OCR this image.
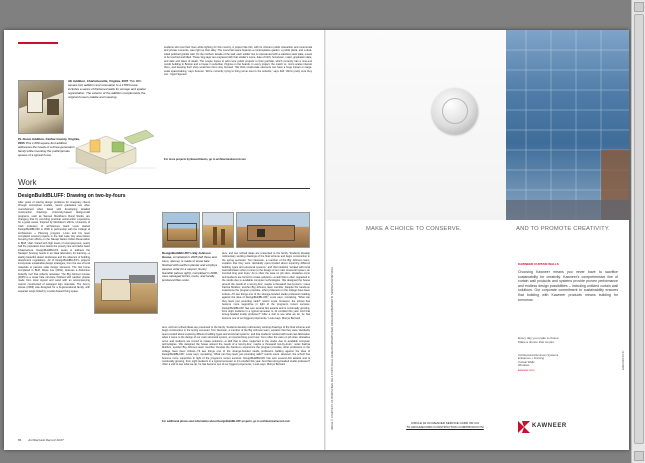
AE Addition, Charlottesville, Virginia, 2007 This 900-square-foot addition and renovation to a 1760 house includes a series of thickened walls for storage and spatial organization. The exterior of the addition complements the original house's palette and massing.
PL Room Addition, Fairfax County, Virginia, 2005 This 1,000-square-foot addition addresses the needs of a three-generation family while inventing the public/private spaces of a typical home.
students who lost their lives while fighting for this country. A project like this, with its inherent public interaction and ceremonial and private moments, was right up their alley. The memorial space features a contemplative garden, a public plaza, and a dual-sided polished granite wall. On the northern facade of the wall, each soldier lost is represented with a stainless steel plate, meant to be touched and lifted. These 'dog tags' are engraved with that soldier's name, date of birth, hometown, major, graduation date, and date and place of death. The couple hopes to add more public projects to their portfolio, which currently has a nine-unit condo building in Boston and a house in suburban Virginia on the boards. In every project, the match vs. micro scales interest them, and keeping their shop small lets them stay focused. 'We think small-scale elements can have a huge impact on large-scale spacemaking,' says Koerner. 'We're currently trying to bring some soul to the suburbs,' says Zell. 'We're pretty sure they can.' Ingrid Spencer
For more projects by Basarchitects, go to architecturalrecord.com
Work
DesignBuildBLUFF: Drawing on two-by-fours
After years of solving design problems for imaginary clients through conceptual models, recent graduates are often overwhelmed when faced with developing detailed construction drawings. University-based design-build programs, such as Samuel Mockbee's Rural Studio, are changing that by providing practical construction experience for a great cause. Inspired by Mockbee's efforts, University of Utah professor of architecture Hank Louis started DesignBuildBLUFF in 2000 in partnership with the College of Architecture + Planning program. Louis and his team completed several projects in the Salt Lake City area before focusing their efforts on the Navajo Nation Indian Reservation in Bluff, Utah. Faced with high levels of unemployment, nearly half the population lives below the poverty line and lacks basic infrastructure. DesignBuildBLUFF seeks to address the Navajos' housing needs in an ideal laboratory for learning—a starkly beautiful desert landscape and the absence of building department regulations. All of DesignBuildBLUFF's projects incorporate sustainable design strategies, from the use of local materials to passive solar design elements. The first home completed in Bluff, Rosie Joe (2004), features a distinctive butterfly roof that collects rainwater. The Big Johnson House (2005) is a straw bale structure finished with earthen plaster made from local topsoil and sand with an accompanying carport constructed of salvaged sign materials. The Sunny House (2006) was designed for a bi-generational family, with separate wings linked by a solar-heated living space.
DesignBuildBLUFF's Big Johnson House, completed in 2005 (left three and tours, above), is made of straw bale finished with earthen plaster and employs passive solar for a carport. Sonny Gamblin (above right), completed in 2006, uses salvaged bricks, rocks, and locally produced fiber-crete.
tiers, and two refined ideas are presented to the family. Students develop rudimentary working drawings of the final scheme and begin construction in the spring semester. Tom Newman, a member of the Big Johnson team, explains that they were 'decidedly open-minded about exploring different building types and structural systems,' and that students 'worked with local cast fabrication when it came to the design of our main structural system, an inverted king post truss.' As is often the case on job sites, obstacles occur and students are forced to create solutions—a skill that is often neglected in the studio due to available computer technologies. 'We designed the house around the needs of a two-by-four; maybe a thousand two-by-fours,' notes Katrina Mukbox, another Big Johnson team member. Despite the hands-on experience the program provides, other professors in the college have been critical—'I'll see things one of the strange-hooded studio professors battling against the idea of DesignBuildBLUFF,' Louis says, remarking, 'What can they learn just pounding nails?' retorts Louis. However, the school has become more supportive in light of the program's recent success: DesignBuildBLUFF has won several AIA awards and is continually growing, from eight students in a typical semester to 14 enrolled this year. And that strong-headed studio professor? 'After a visit to see what we do, he has become one of our biggest proponents,' Louis says. Murrye Bernard
tiers, and two refined ideas are presented to the family. Students develop rudimentary working drawings of the final scheme and begin construction in the spring semester. Tom Newman, a member of the Big Johnson team, explains that they were 'decidedly open-minded about exploring different building types and structural systems,' and that students 'worked with local cast fabrication when it came to the design of our main structural system, an inverted king post truss.' As is often the case on job sites, obstacles occur and students are forced to create solutions—a skill that is often neglected in the studio due to available computer technologies. 'We designed the house around the needs of a two-by-four; maybe a thousand two-by-fours,' notes Katrina Mukbox, another Big Johnson team member. Despite the hands-on experience the program provides, other professors in the college have been critical—'I'll see things one of the strange-hooded studio professors battling against the idea of DesignBuildBLUFF,' Louis says, remarking, 'What can they learn just pounding nails?' retorts Louis. However, the school has become more supportive in light of the program's recent success: DesignBuildBLUFF has won several AIA awards and is continually growing, from eight students in a typical semester to 14 enrolled this year. And that strong-headed studio professor? 'After a visit to see what we do, he has become one of our biggest proponents,' Louis says. Murrye Bernard
For additional photos and information about DesignBuildBLUFF projects, go to architecturalrecord.com
86 Architectural Record 10.07
IMAGE © COURTESY OF BOWINCKER SELF PORT/ PALAL RESEARCH/BOWINCKER RESEARCH/IBM/MARTIN NEWMAN/SOMETHING
MAKE A CHOICE TO CONSERVE.	AND TO PROMOTE CREATIVITY.
KAWNEER CURTAIN WALLS
Choosing Kawneer means you never have to sacrifice sustainability for creativity. Kawneer's comprehensive line of curtain wall products and systems provide proven performance and endless design possibilities – including unitized curtain wall solutions. Our corporate commitment to sustainability ensures that building with Kawneer products means building for tomorrow.
Every day you make a choice.
Make a choice that counts.
Architectural Aluminum Systems
Entrances + Framing
Curtain Walls
Windows
kawneer.com
CIRCLE 94 ON READER SERVICE CARD OR GO
TO ARCHRECORD.CONSTRUCTION.COM/PRODUCTS/	KAWNEER
KAW-0000 10.07
